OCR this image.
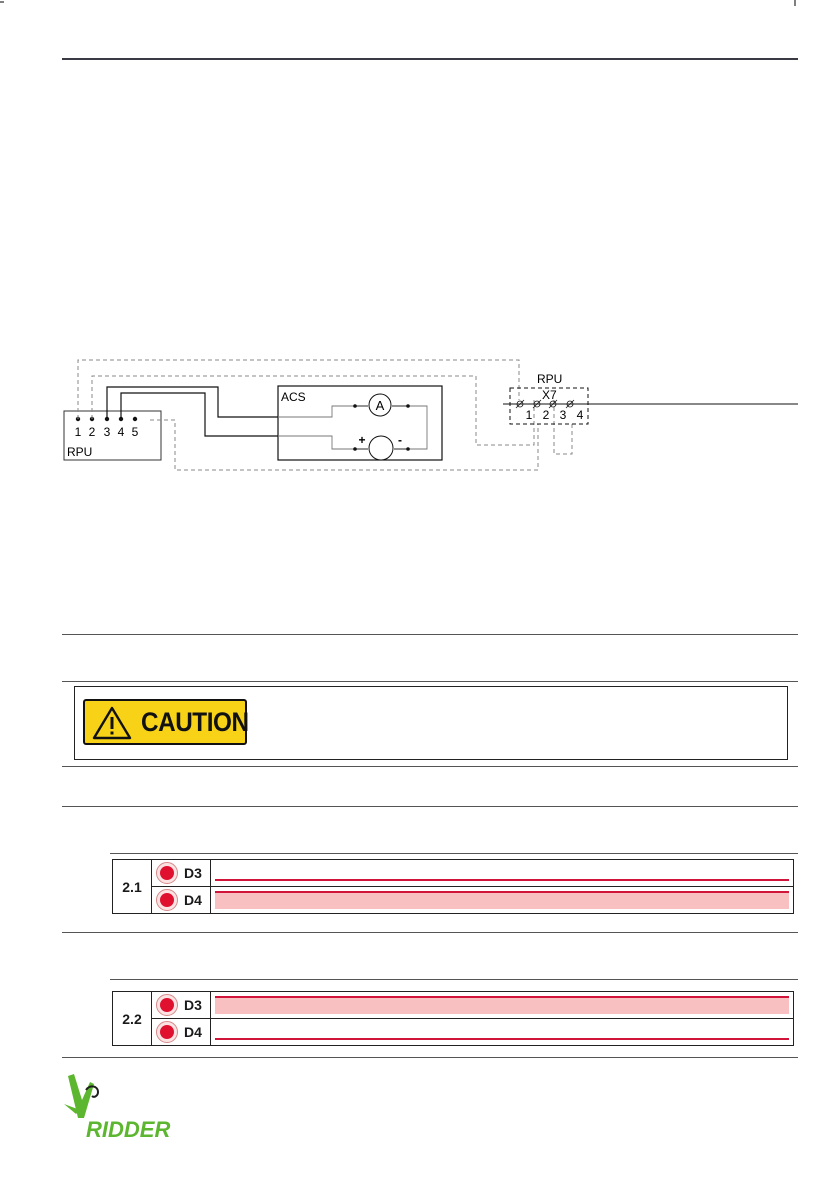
1 2 3 4 5
RPU
ACS
A
+	-
RPU
X7
1 2 3 4
CAUTION
2.1	D3	

	D4	
2.2	D3	

	D4	
RIDDER
